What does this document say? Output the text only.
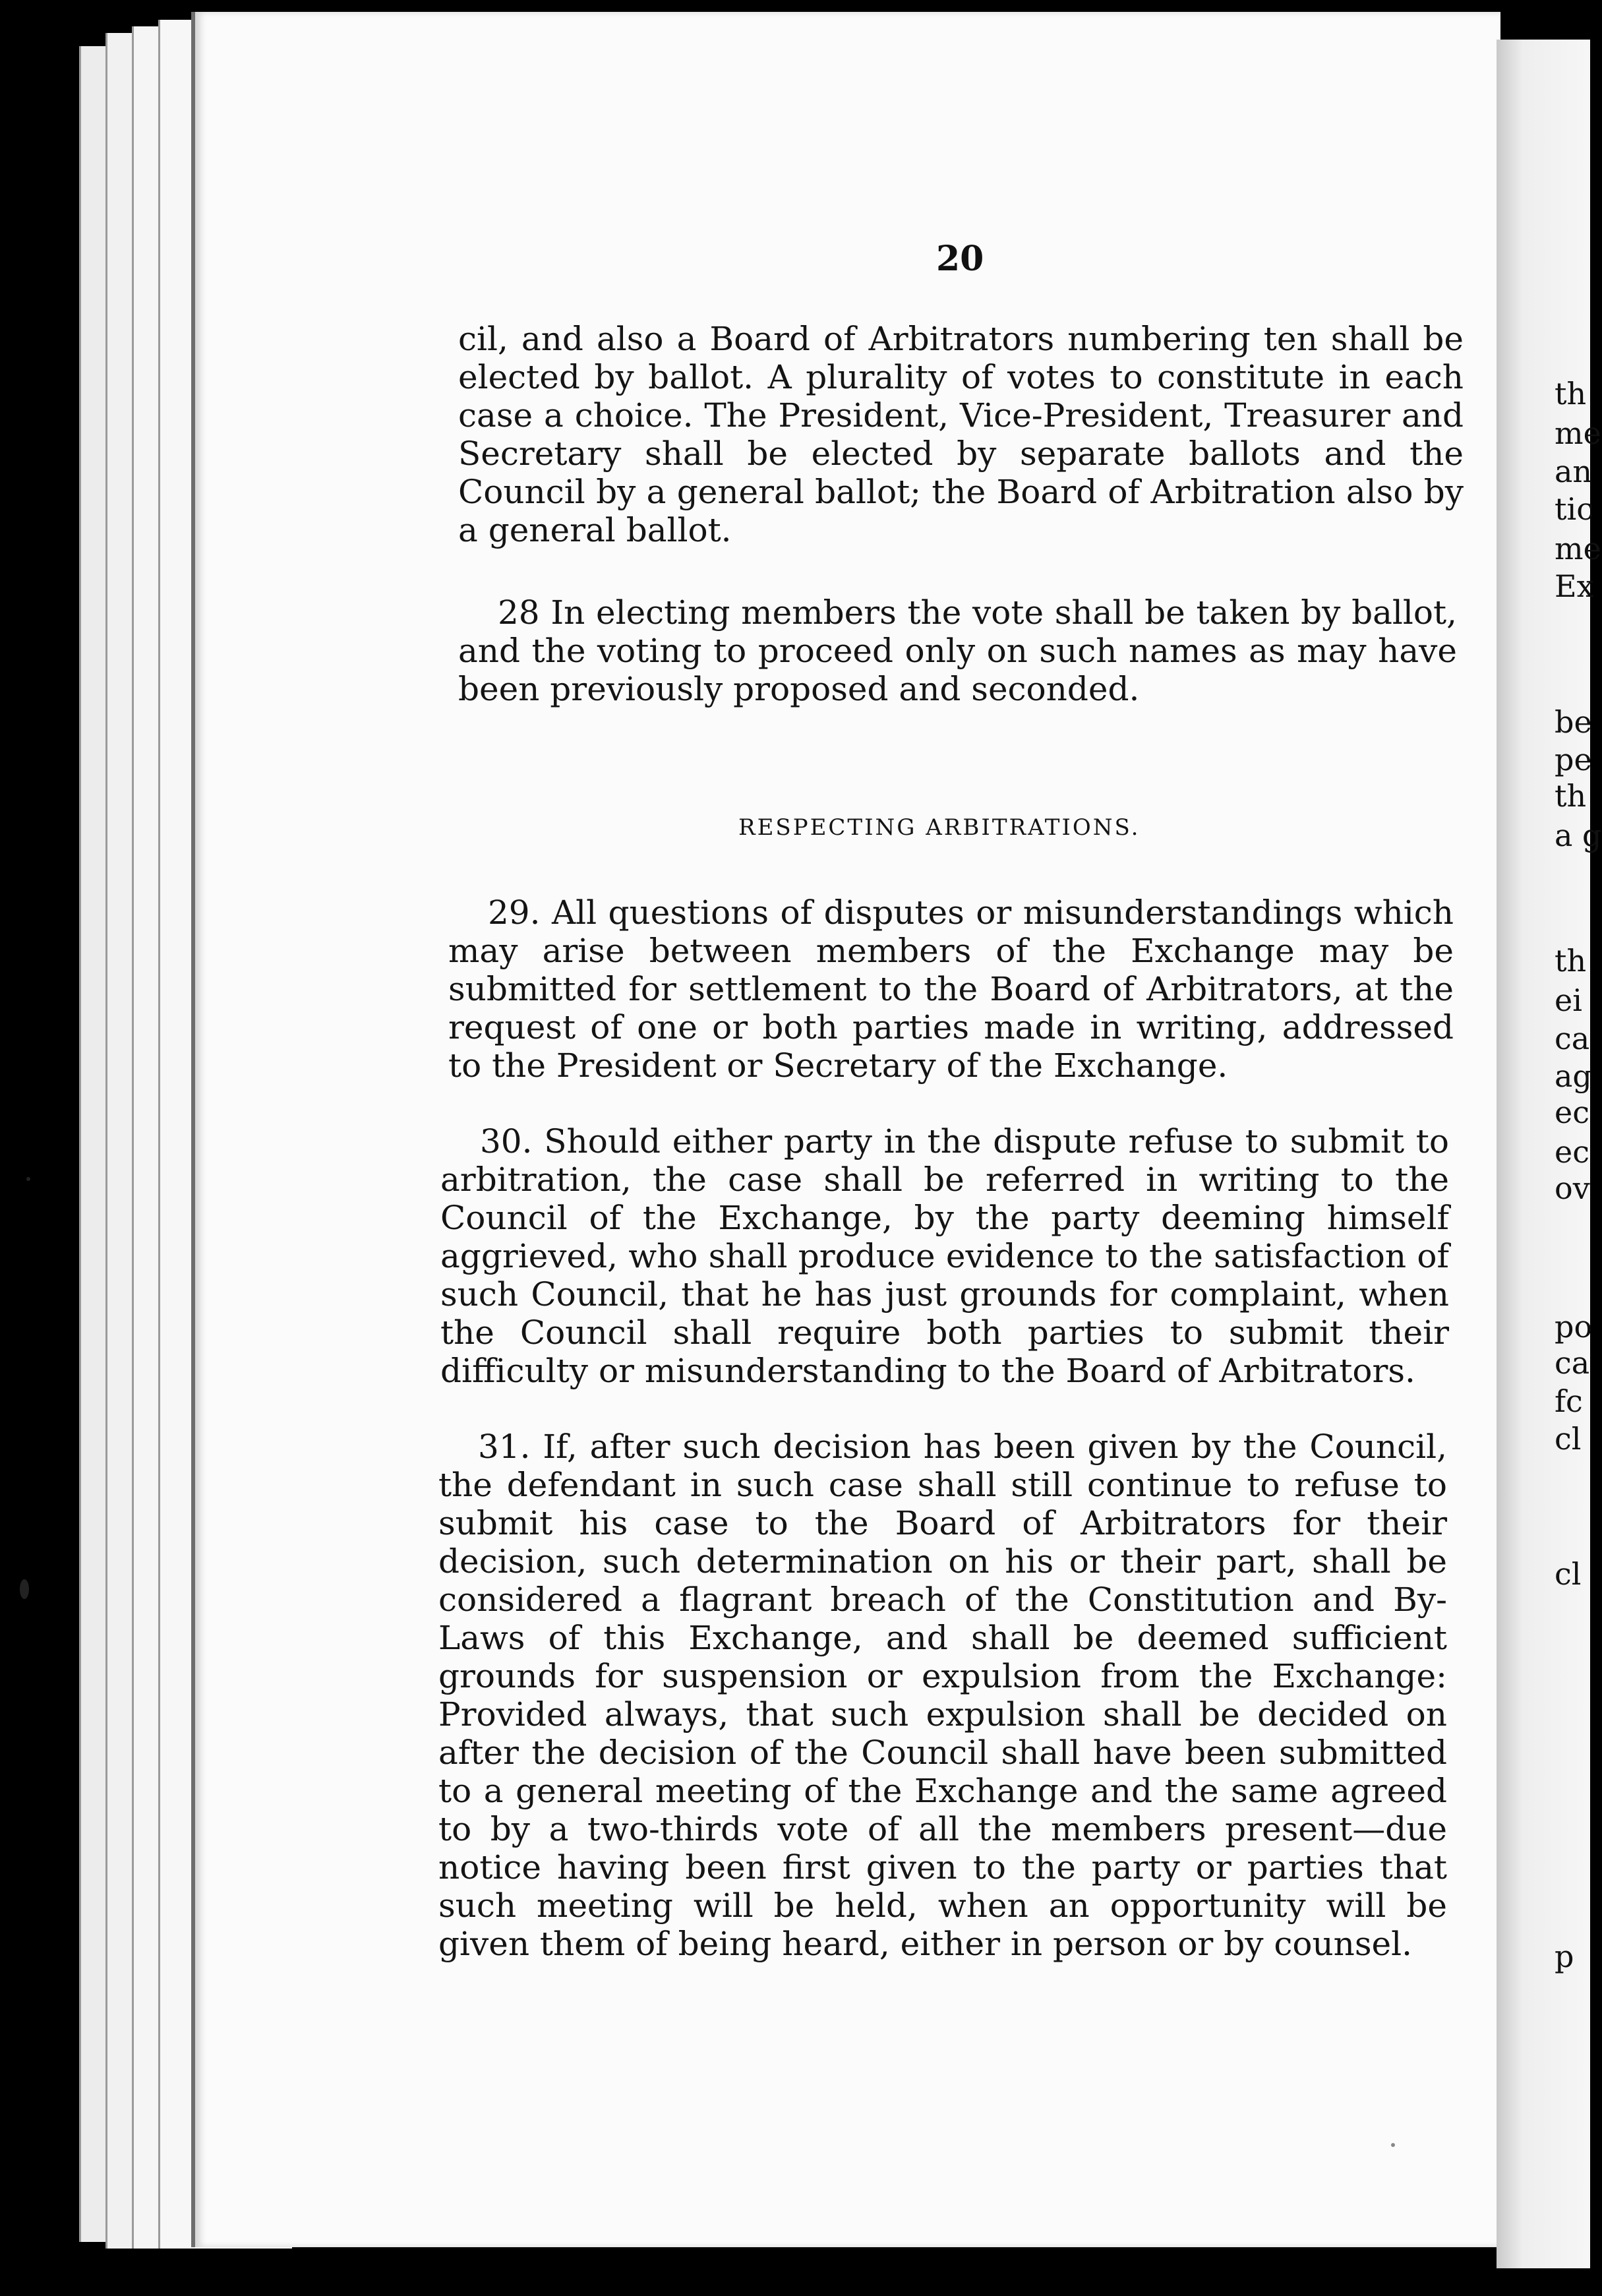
20

cil, and also a Board of Arbitrators numbering ten shall be elected by ballot. A plurality of votes to constitute in each case a choice. The President, Vice-President, Treasurer and Secretary shall be elected by separate ballots and the Council by a general ballot; the Board of Arbitration also by a general ballot.

28 In electing members the vote shall be taken by ballot, and the voting to proceed only on such names as may have been previously proposed and seconded.

RESPECTING ARBITRATIONS.

29. All questions of disputes or misunderstandings which may arise between members of the Exchange may be submitted for settlement to the Board of Arbitrators, at the request of one or both parties made in writing, addressed to the President or Secretary of the Exchange.

30. Should either party in the dispute refuse to submit to arbitration, the case shall be referred in writing to the Council of the Exchange, by the party deeming himself aggrieved, who shall produce evidence to the satisfaction of such Council, that he has just grounds for complaint, when the Council shall require both parties to submit their difficulty or misunderstanding to the Board of Arbitrators.

31. If, after such decision has been given by the Council, the defendant in such case shall still continue to refuse to submit his case to the Board of Arbitrators for their decision, such determination on his or their part, shall be considered a flagrant breach of the Constitution and By-Laws of this Exchange, and shall be deemed sufficient grounds for suspension or expulsion from the Exchange: Provided always, that such expulsion shall be decided on after the decision of the Council shall have been submitted to a general meeting of the Exchange and the same agreed to by a two-thirds vote of all the members present—due notice having been first given to the party or parties that such meeting will be held, when an opportunity will be given them of being heard, either in person or by counsel.

th
me
an
tic
me
Ex
be
pe
th
a g
th
ei
ca
ag
ec
ec
ov
po
ca
fc
cl
cl
p
